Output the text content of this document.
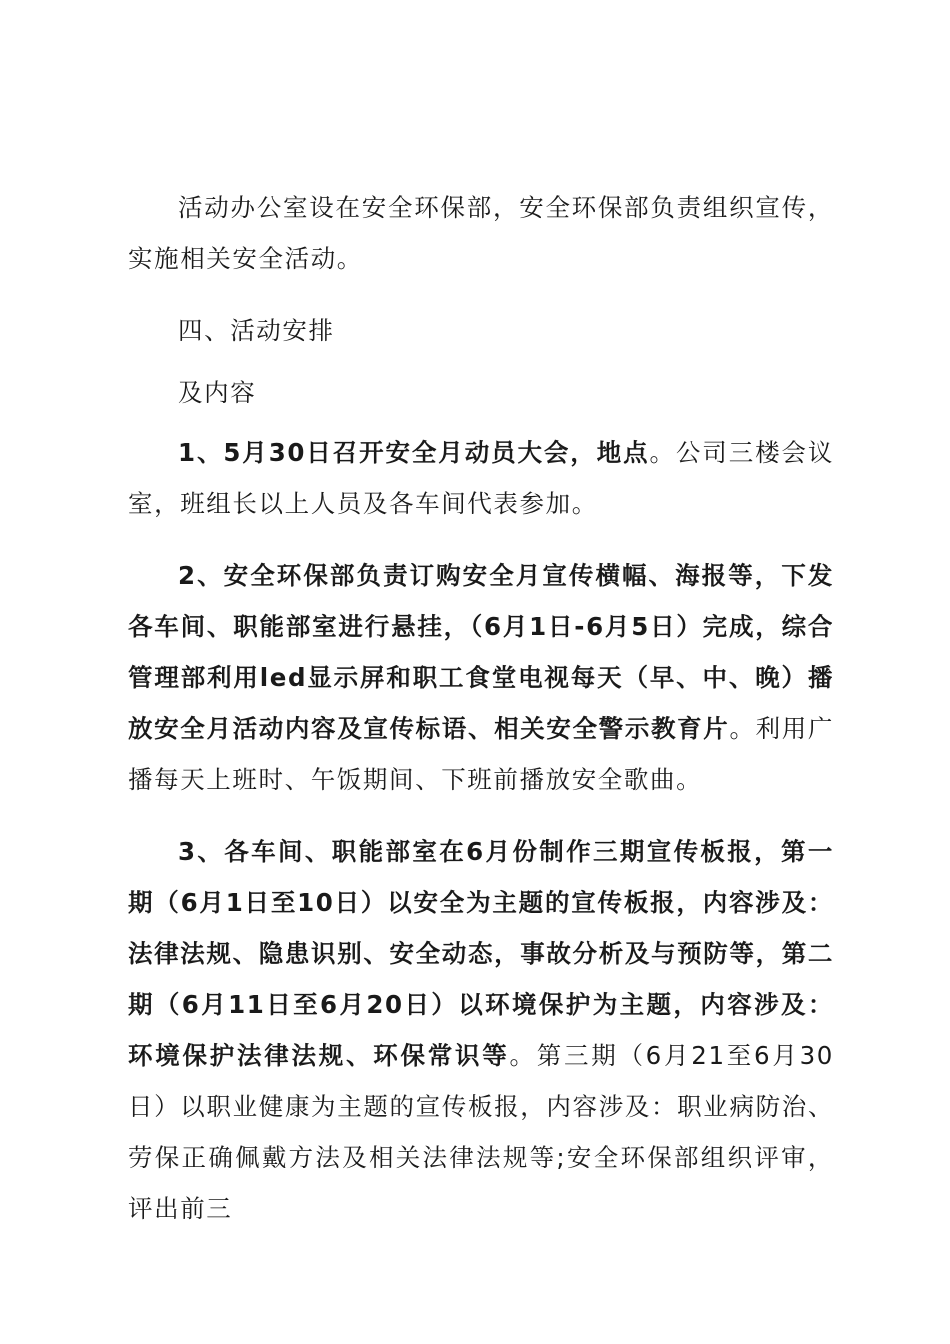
活动办公室设在安全环保部，安全环保部负责组织宣传，实施相关安全活动。

四、活动安排

及内容

1、5月30日召开安全月动员大会，地点。公司三楼会议室，班组长以上人员及各车间代表参加。

2、安全环保部负责订购安全月宣传横幅、海报等，下发各车间、职能部室进行悬挂，（6月1日-6月5日）完成，综合管理部利用led显示屏和职工食堂电视每天（早、中、晚）播放安全月活动内容及宣传标语、相关安全警示教育片。利用广播每天上班时、午饭期间、下班前播放安全歌曲。

3、各车间、职能部室在6月份制作三期宣传板报，第一期（6月1日至10日）以安全为主题的宣传板报，内容涉及：法律法规、隐患识别、安全动态，事故分析及与预防等，第二期（6月11日至6月20日）以环境保护为主题，内容涉及：环境保护法律法规、环保常识等。第三期（6月21至6月30日）以职业健康为主题的宣传板报，内容涉及：职业病防治、劳保正确佩戴方法及相关法律法规等;安全环保部组织评审，评出前三
